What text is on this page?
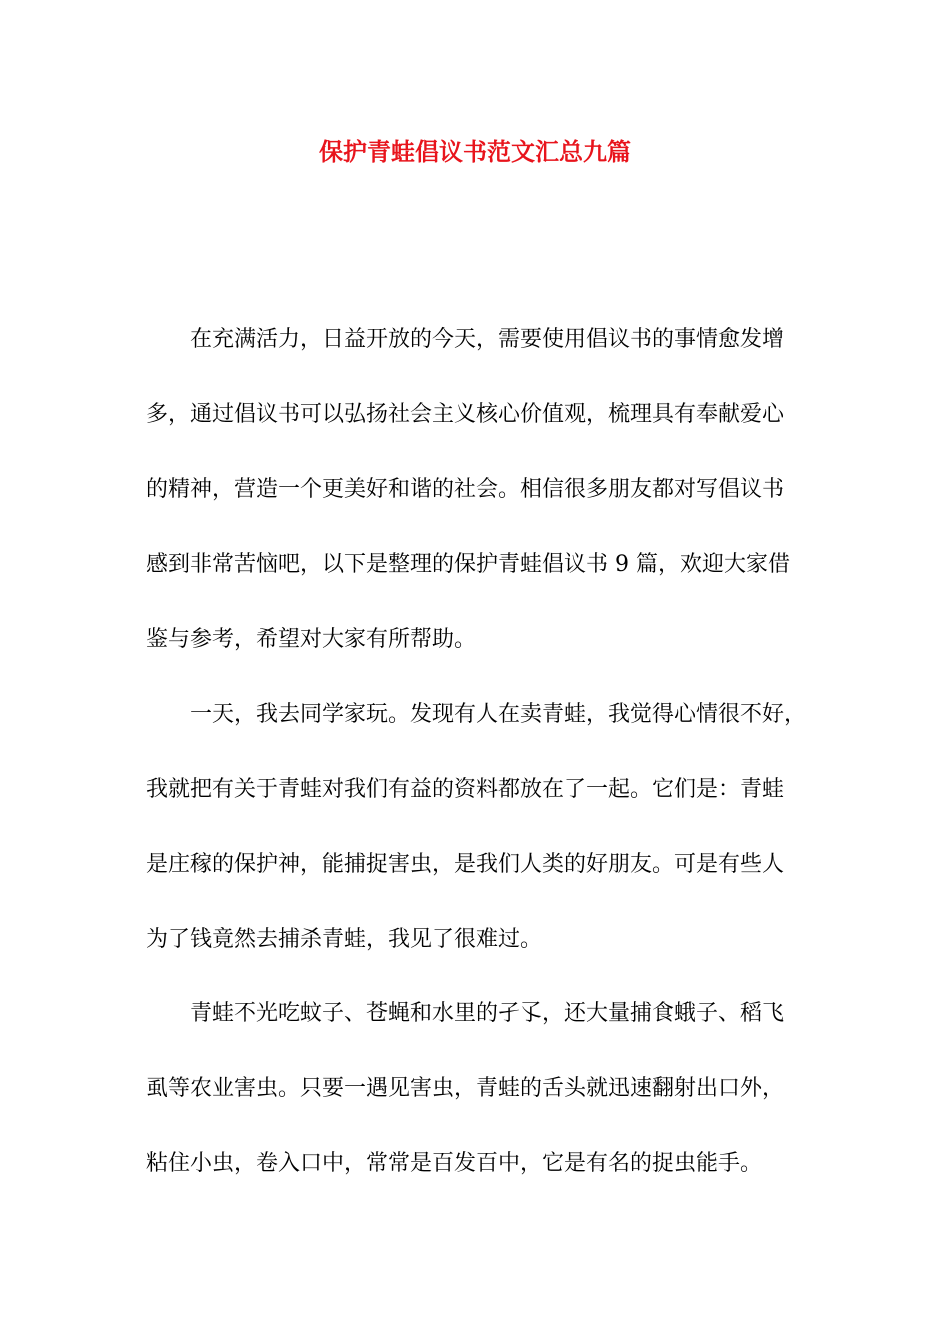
保护青蛙倡议书范文汇总九篇

在充满活力，日益开放的今天，需要使用倡议书的事情愈发增

多，通过倡议书可以弘扬社会主义核心价值观，梳理具有奉献爱心

的精神，营造一个更美好和谐的社会。相信很多朋友都对写倡议书

感到非常苦恼吧，以下是整理的保护青蛙倡议书 9 篇，欢迎大家借

鉴与参考，希望对大家有所帮助。

一天，我去同学家玩。发现有人在卖青蛙，我觉得心情很不好，

我就把有关于青蛙对我们有益的资料都放在了一起。它们是：青蛙

是庄稼的保护神，能捕捉害虫，是我们人类的好朋友。可是有些人

为了钱竟然去捕杀青蛙，我见了很难过。

青蛙不光吃蚊子、苍蝇和水里的孑孓，还大量捕食蛾子、稻飞

虱等农业害虫。只要一遇见害虫，青蛙的舌头就迅速翻射出口外，

粘住小虫，卷入口中，常常是百发百中，它是有名的捉虫能手。
